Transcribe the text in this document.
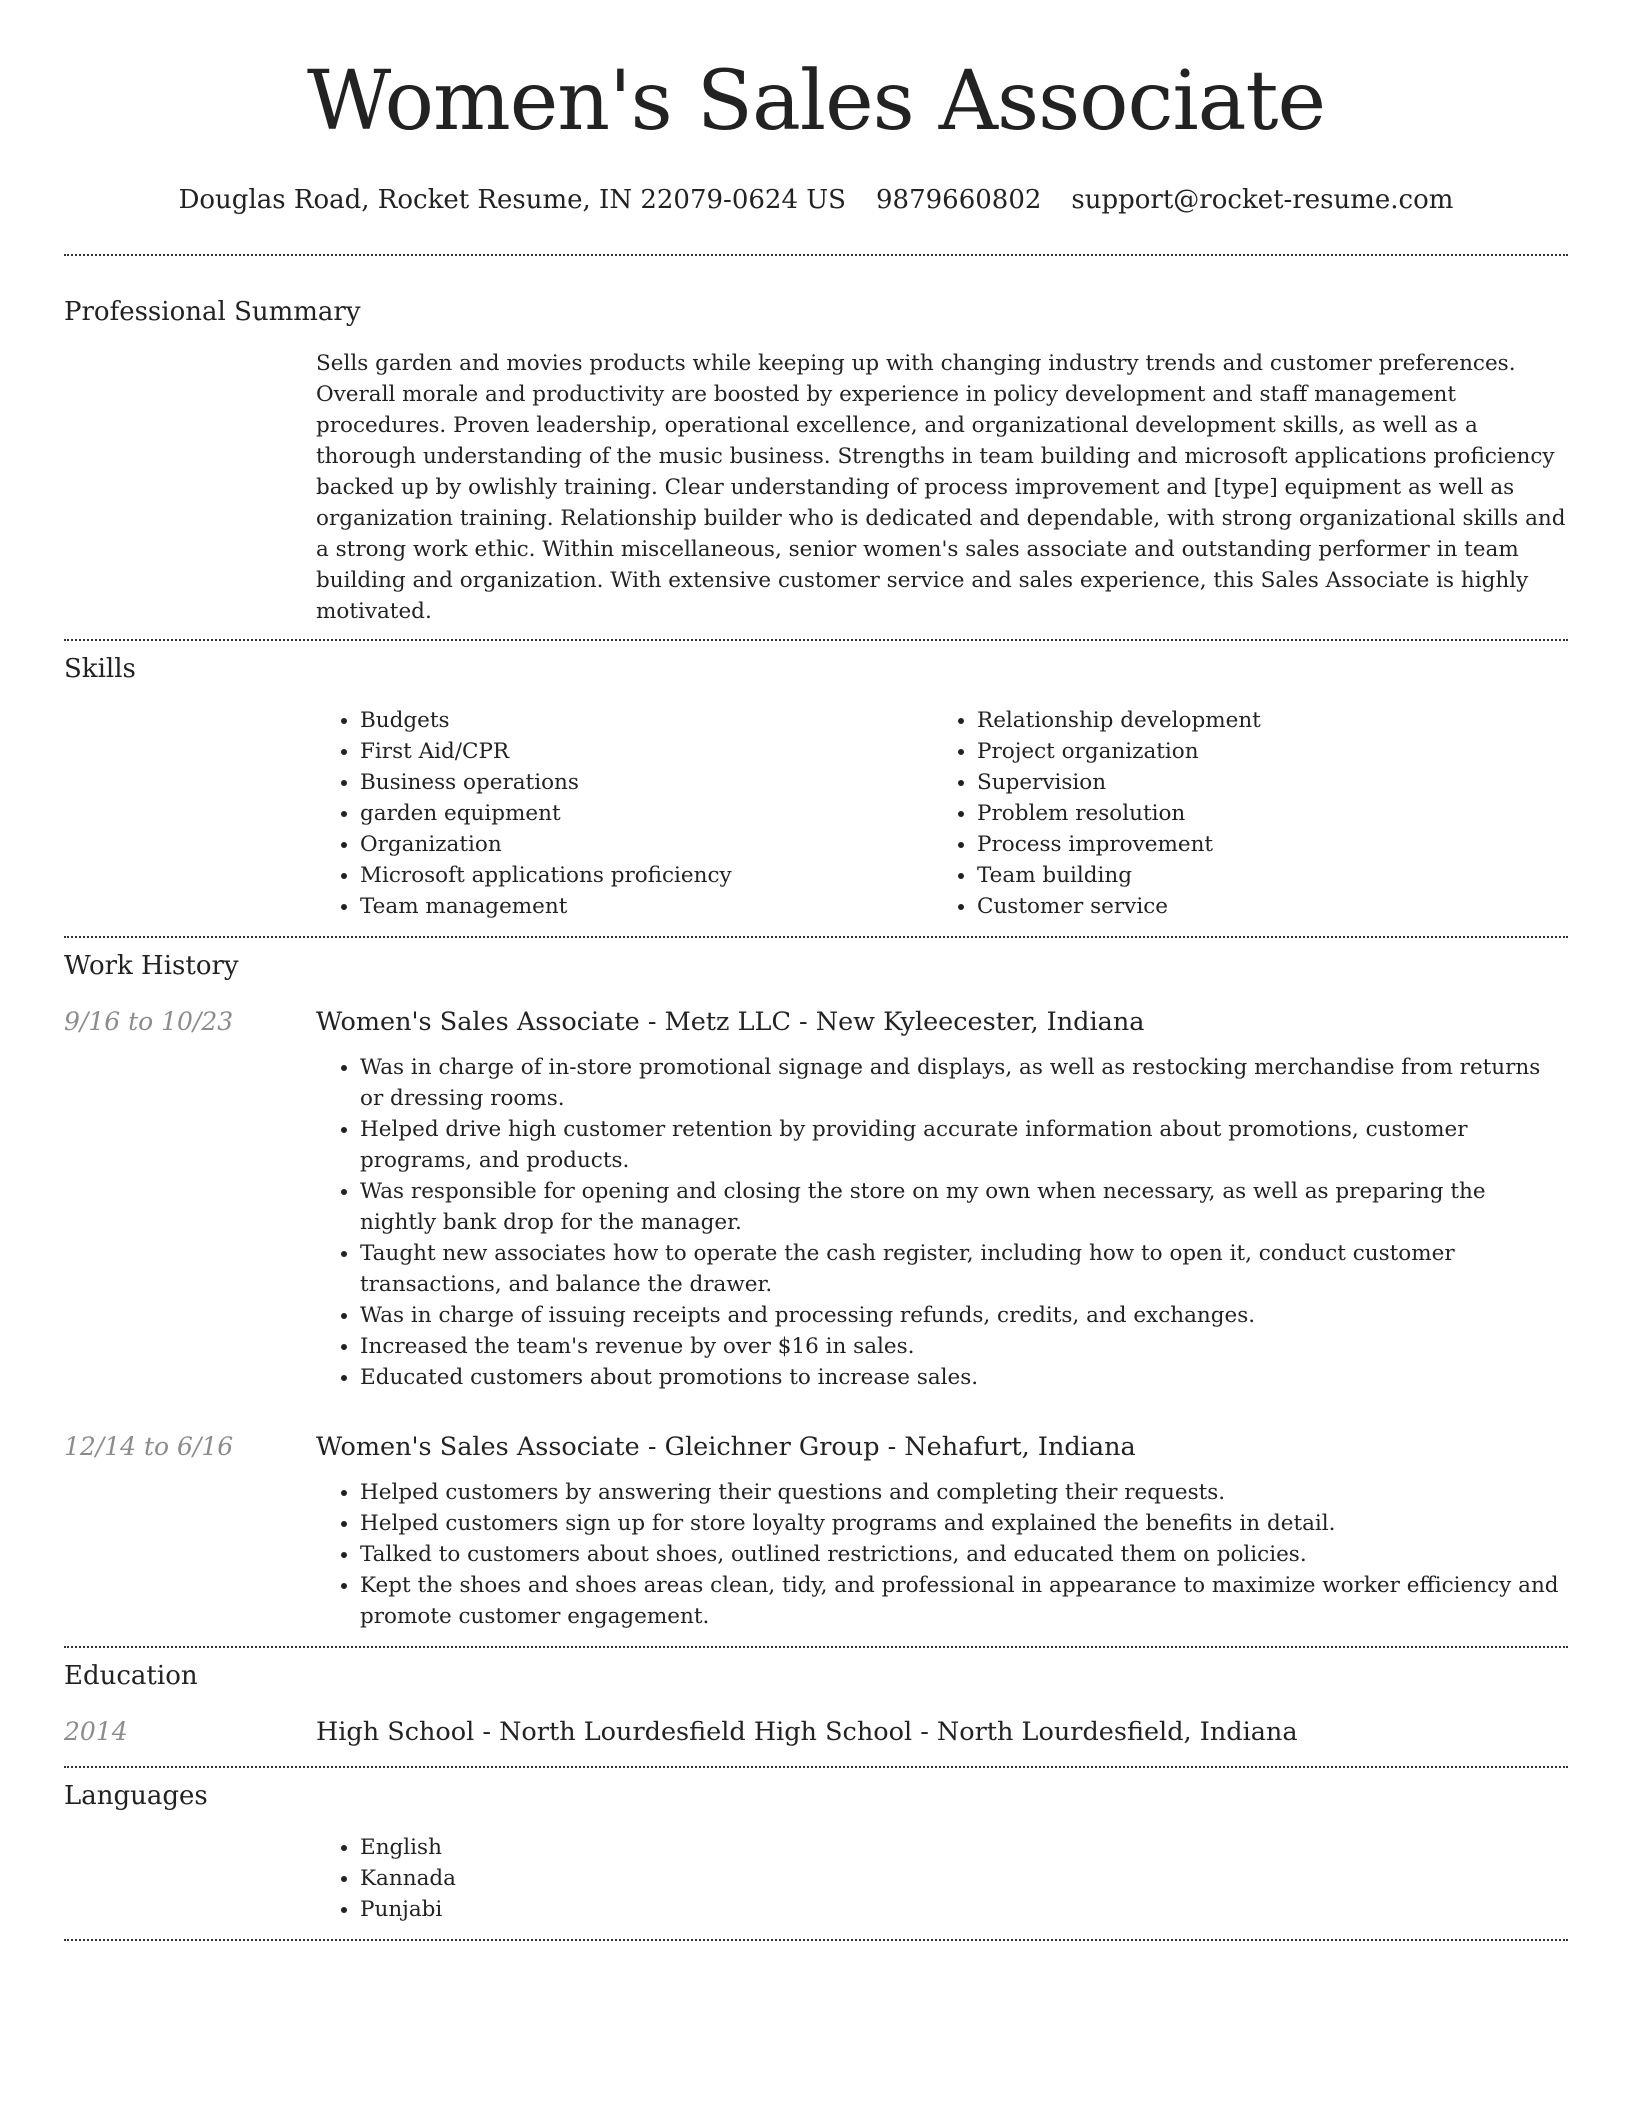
Women's Sales Associate
Douglas Road, Rocket Resume, IN 22079-0624 US 9879660802 support@rocket-resume.com
Professional Summary

Sells garden and movies products while keeping up with changing industry trends and customer preferences. Overall morale and productivity are boosted by experience in policy development and staff management procedures. Proven leadership, operational excellence, and organizational development skills, as well as a thorough understanding of the music business. Strengths in team building and microsoft applications proficiency backed up by owlishly training. Clear understanding of process improvement and [type] equipment as well as organization training. Relationship builder who is dedicated and dependable, with strong organizational skills and a strong work ethic. Within miscellaneous, senior women's sales associate and outstanding performer in team building and organization. With extensive customer service and sales experience, this Sales Associate is highly motivated.

Skills
• Budgets
• First Aid/CPR
• Business operations
• garden equipment
• Organization
• Microsoft applications proficiency
• Team management
• Relationship development
• Project organization
• Supervision
• Problem resolution
• Process improvement
• Team building
• Customer service
Work History
9/16 to 10/23	Women's Sales Associate - Metz LLC - New Kyleecester, Indiana
• Was in charge of in-store promotional signage and displays, as well as restocking merchandise from returns or dressing rooms.
• Helped drive high customer retention by providing accurate information about promotions, customer programs, and products.
• Was responsible for opening and closing the store on my own when necessary, as well as preparing the nightly bank drop for the manager.
• Taught new associates how to operate the cash register, including how to open it, conduct customer transactions, and balance the drawer.
• Was in charge of issuing receipts and processing refunds, credits, and exchanges.
• Increased the team's revenue by over $16 in sales.
• Educated customers about promotions to increase sales.
12/14 to 6/16	Women's Sales Associate - Gleichner Group - Nehafurt, Indiana
• Helped customers by answering their questions and completing their requests.
• Helped customers sign up for store loyalty programs and explained the benefits in detail.
• Talked to customers about shoes, outlined restrictions, and educated them on policies.
• Kept the shoes and shoes areas clean, tidy, and professional in appearance to maximize worker efficiency and promote customer engagement.
Education
2014	High School - North Lourdesfield High School - North Lourdesfield, Indiana
Languages
• English
• Kannada
• Punjabi
